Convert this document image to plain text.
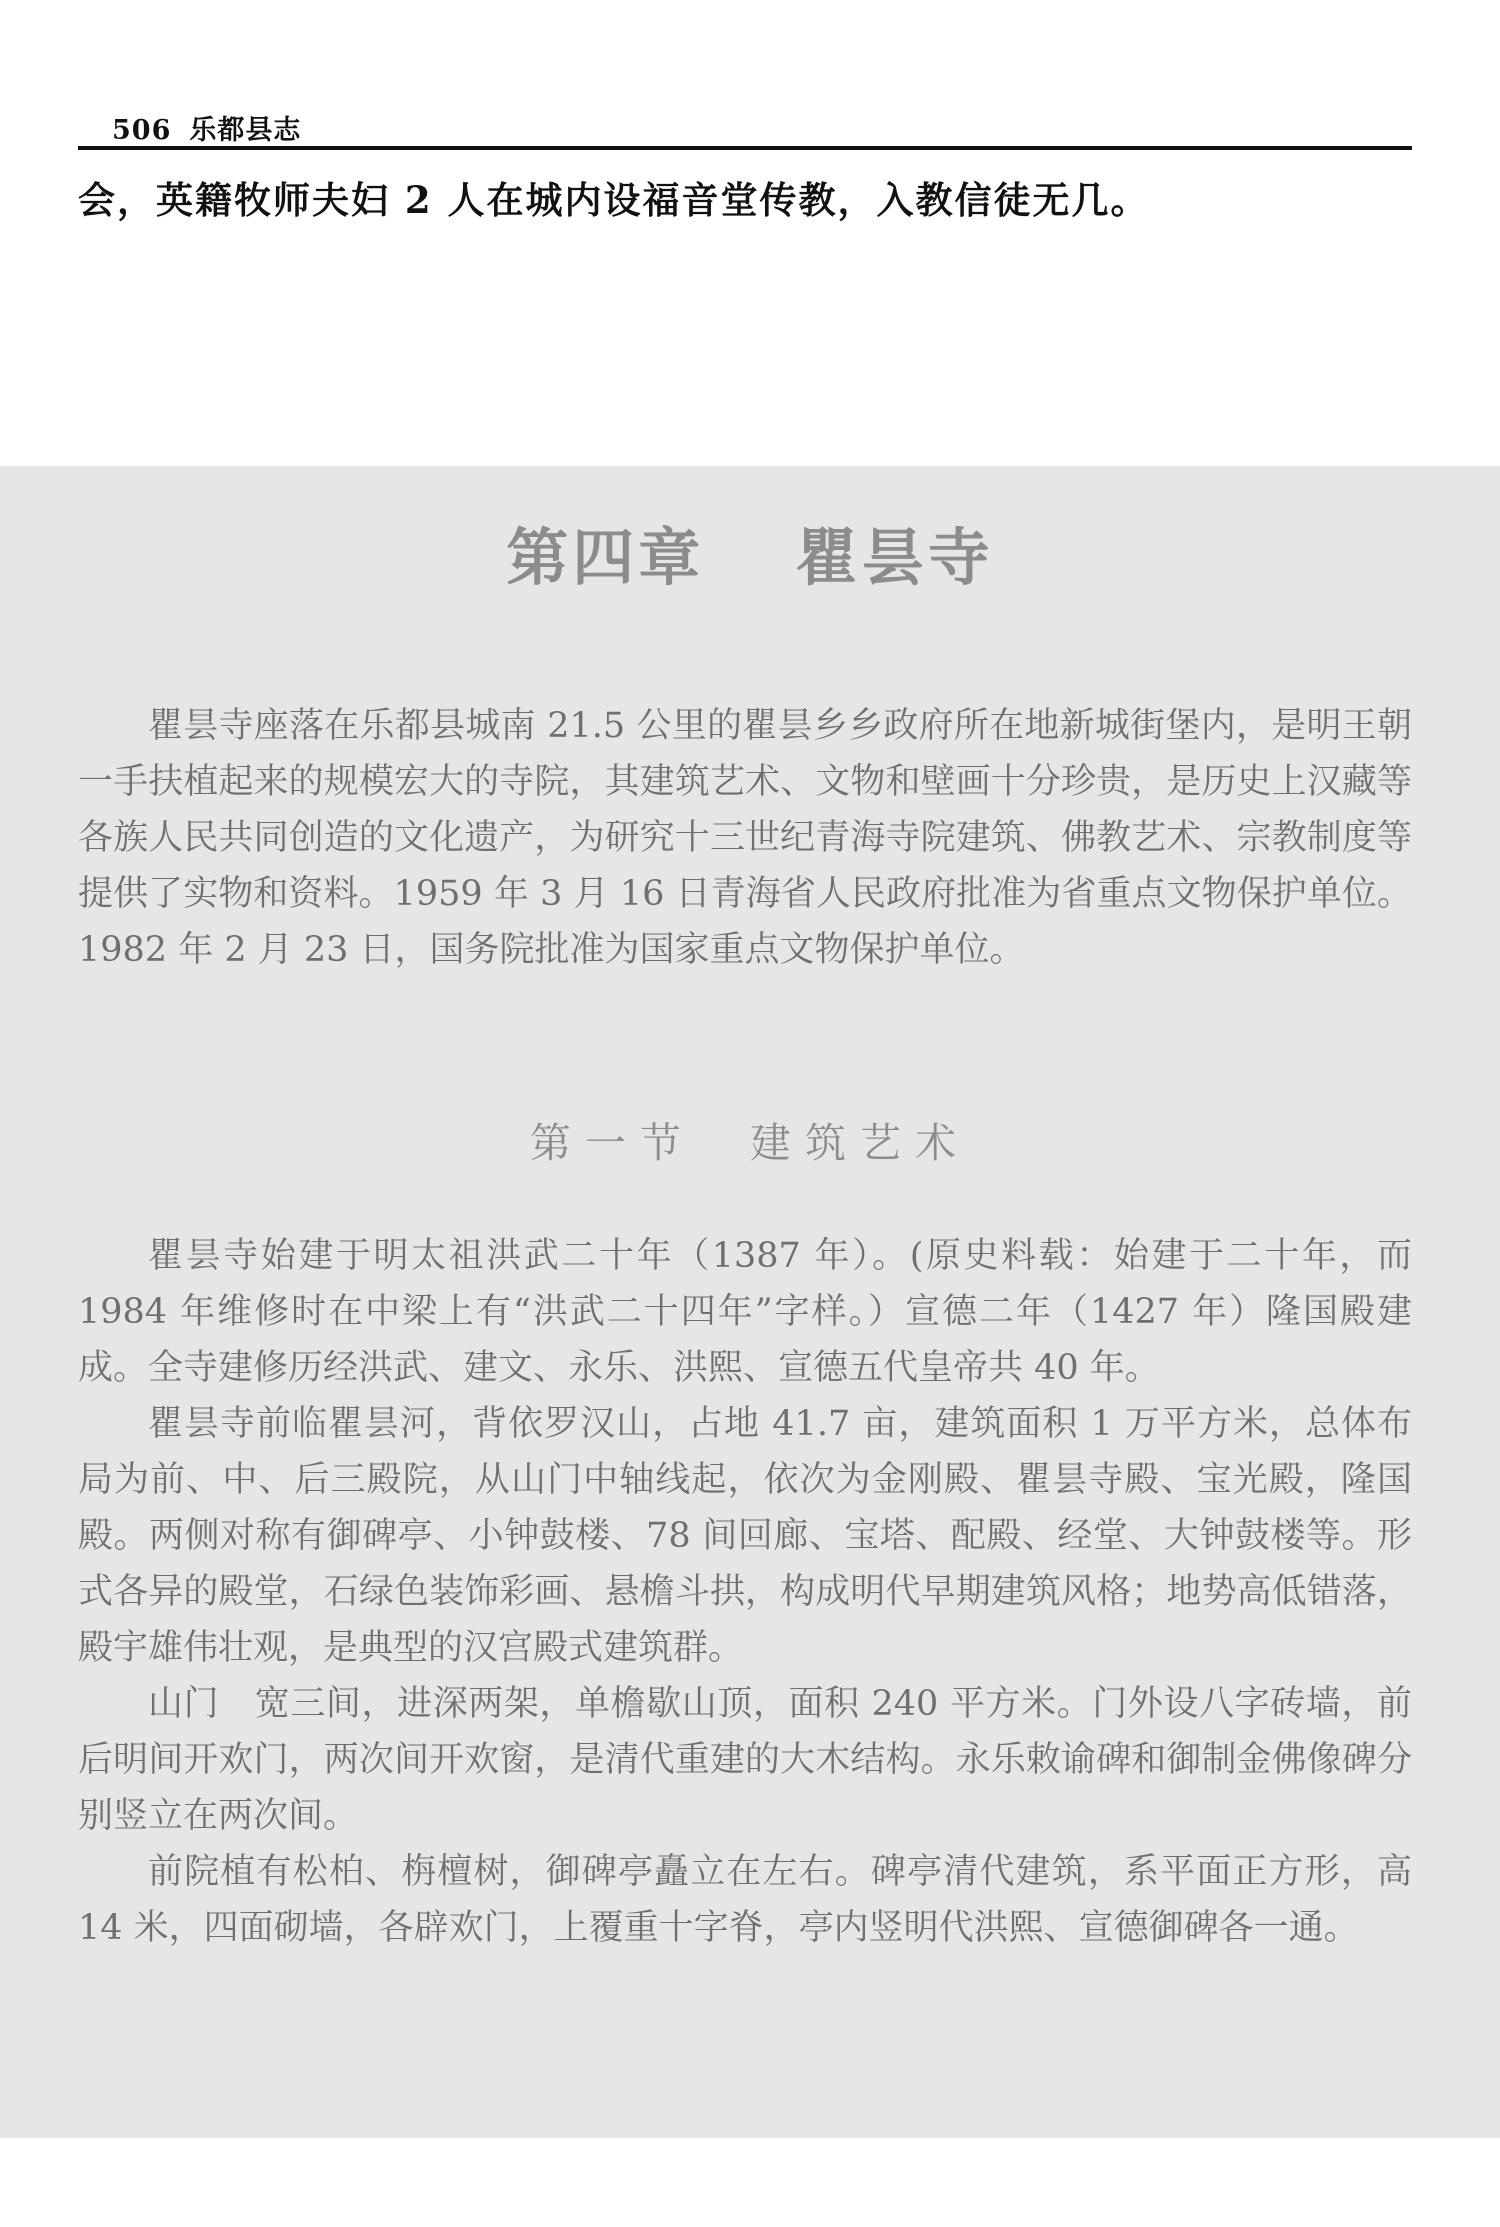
506 乐都县志
会，英籍牧师夫妇 2 人在城内设福音堂传教，入教信徒无几。
第四章　 瞿昙寺

瞿昙寺座落在乐都县城南 21.5 公里的瞿昙乡乡政府所在地新城街堡内，是明王朝一手扶植起来的规模宏大的寺院，其建筑艺术、文物和壁画十分珍贵，是历史上汉藏等各族人民共同创造的文化遗产，为研究十三世纪青海寺院建筑、佛教艺术、宗教制度等提供了实物和资料。1959 年 3 月 16 日青海省人民政府批准为省重点文物保护单位。1982 年 2 月 23 日，国务院批准为国家重点文物保护单位。

第一节　建筑艺术

瞿昙寺始建于明太祖洪武二十年（1387 年）。(原史料载：始建于二十年，而 1984 年维修时在中梁上有“洪武二十四年”字样。）宣德二年（1427 年）隆国殿建成。全寺建修历经洪武、建文、永乐、洪熙、宣德五代皇帝共 40 年。

瞿昙寺前临瞿昙河，背依罗汉山，占地 41.7 亩，建筑面积 1 万平方米，总体布局为前、中、后三殿院，从山门中轴线起，依次为金刚殿、瞿昙寺殿、宝光殿，隆国殿。两侧对称有御碑亭、小钟鼓楼、78 间回廊、宝塔、配殿、经堂、大钟鼓楼等。形式各异的殿堂，石绿色装饰彩画、悬檐斗拱，构成明代早期建筑风格；地势高低错落，殿宇雄伟壮观，是典型的汉宫殿式建筑群。

山门　宽三间，进深两架，单檐歇山顶，面积 240 平方米。门外设八字砖墙，前后明间开欢门，两次间开欢窗，是清代重建的大木结构。永乐敕谕碑和御制金佛像碑分别竖立在两次间。

前院植有松柏、栴檀树，御碑亭矗立在左右。碑亭清代建筑，系平面正方形，高 14 米，四面砌墙，各辟欢门，上覆重十字脊，亭内竖明代洪熙、宣德御碑各一通。
